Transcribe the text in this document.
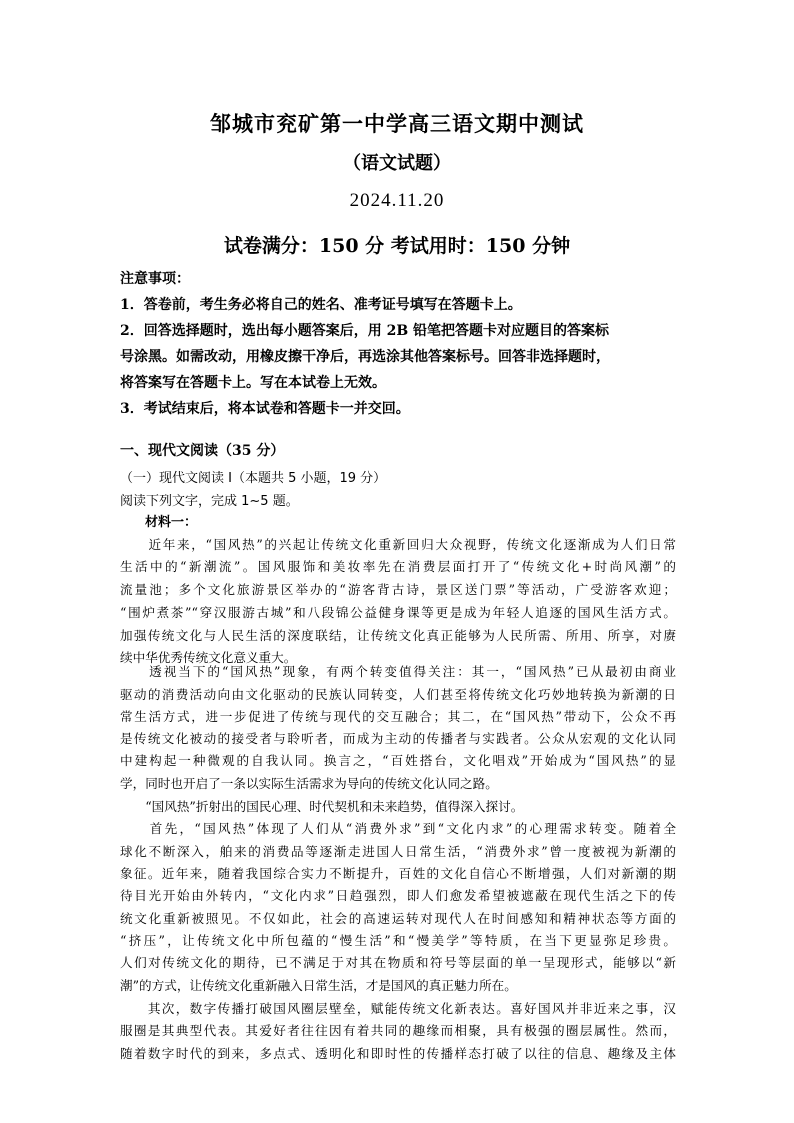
邹城市兖矿第一中学高三语文期中测试
（语文试题）
2024.11.20
试卷满分：150 分 考试用时：150 分钟
注意事项：
1．答卷前，考生务必将自己的姓名、准考证号填写在答题卡上。
2．回答选择题时，选出每小题答案后，用 2B 铅笔把答题卡对应题目的答案标
号涂黑。如需改动，用橡皮擦干净后，再选涂其他答案标号。回答非选择题时，
将答案写在答题卡上。写在本试卷上无效。
3．考试结束后，将本试卷和答题卡一并交回。
一、现代文阅读（35 分）
（一）现代文阅读 I（本题共 5 小题，19 分）
阅读下列文字，完成 1~5 题。
材料一：
　　近年来，“国风热”的兴起让传统文化重新回归大众视野，传统文化逐渐成为人们日常
生活中的“新潮流”。国风服饰和美妆率先在消费层面打开了“传统文化+时尚风潮”的
流量池；多个文化旅游景区举办的“游客背古诗，景区送门票”等活动，广受游客欢迎；
“围炉煮茶”“穿汉服游古城”和八段锦公益健身课等更是成为年轻人追逐的国风生活方式。
加强传统文化与人民生活的深度联结，让传统文化真正能够为人民所需、所用、所享，对赓
续中华优秀传统文化意义重大。
　　透视当下的“国风热”现象，有两个转变值得关注：其一，“国风热”已从最初由商业
驱动的消费活动向由文化驱动的民族认同转变，人们甚至将传统文化巧妙地转换为新潮的日
常生活方式，进一步促进了传统与现代的交互融合；其二，在“国风热”带动下，公众不再
是传统文化被动的接受者与聆听者，而成为主动的传播者与实践者。公众从宏观的文化认同
中建构起一种微观的自我认同。换言之，“百姓搭台，文化唱戏”开始成为“国风热”的显
学，同时也开启了一条以实际生活需求为导向的传统文化认同之路。
　　“国风热”折射出的国民心理、时代契机和未来趋势，值得深入探讨。
　　首先，“国风热”体现了人们从“消费外求”到“文化内求”的心理需求转变。随着全
球化不断深入，舶来的消费品等逐渐走进国人日常生活，“消费外求”曾一度被视为新潮的
象征。近年来，随着我国综合实力不断提升，百姓的文化自信心不断增强，人们对新潮的期
待目光开始由外转内，“文化内求”日趋强烈，即人们愈发希望被遮蔽在现代生活之下的传
统文化重新被照见。不仅如此，社会的高速运转对现代人在时间感知和精神状态等方面的
“挤压”，让传统文化中所包蕴的“慢生活”和“慢美学”等特质，在当下更显弥足珍贵。
人们对传统文化的期待，已不满足于对其在物质和符号等层面的单一呈现形式，能够以“新
潮”的方式，让传统文化重新融入日常生活，才是国风的真正魅力所在。
　　其次，数字传播打破国风圈层壁垒，赋能传统文化新表达。喜好国风并非近来之事，汉
服圈是其典型代表。其爱好者往往因有着共同的趣缘而相聚，具有极强的圈层属性。然而，
随着数字时代的到来，多点式、透明化和即时性的传播样态打破了以往的信息、趣缘及主体
